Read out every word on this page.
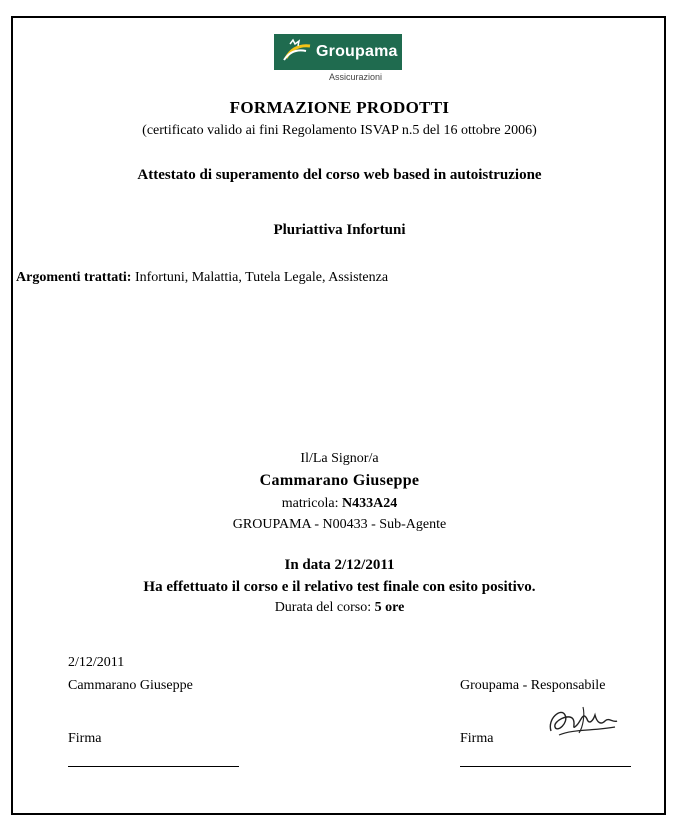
Groupama
Assicurazioni
FORMAZIONE PRODOTTI
(certificato valido ai fini Regolamento ISVAP n.5 del 16 ottobre 2006)
Attestato di superamento del corso web based in autoistruzione
Pluriattiva Infortuni
Argomenti trattati: Infortuni, Malattia, Tutela Legale, Assistenza
Il/La Signor/a
Cammarano Giuseppe
matricola: N433A24
GROUPAMA - N00433 - Sub-Agente
In data 2/12/2011
Ha effettuato il corso e il relativo test finale con esito positivo.
Durata del corso: 5 ore
2/12/2011
Cammarano Giuseppe	Groupama - Responsabile
Firma	Firma
